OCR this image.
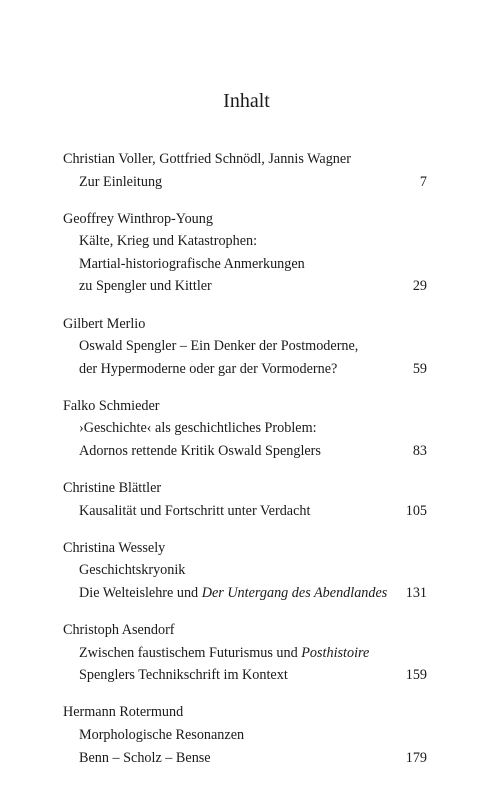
Inhalt
Christian Voller, Gottfried Schnödl, Jannis Wagner
Zur Einleitung	7
Geoffrey Winthrop-Young
Kälte, Krieg und Katastrophen:
Martial-historiografische Anmerkungen
zu Spengler und Kittler	29
Gilbert Merlio
Oswald Spengler – Ein Denker der Postmoderne,
der Hypermoderne oder gar der Vormoderne?	59
Falko Schmieder
›Geschichte‹ als geschichtliches Problem:
Adornos rettende Kritik Oswald Spenglers	83
Christine Blättler
Kausalität und Fortschritt unter Verdacht	105
Christina Wessely
Geschichtskryonik
Die Welteislehre und Der Untergang des Abendlandes 131
Christoph Asendorf
Zwischen faustischem Futurismus und Posthistoire
Spenglers Technikschrift im Kontext	159
Hermann Rotermund
Morphologische Resonanzen
Benn – Scholz – Bense	179
